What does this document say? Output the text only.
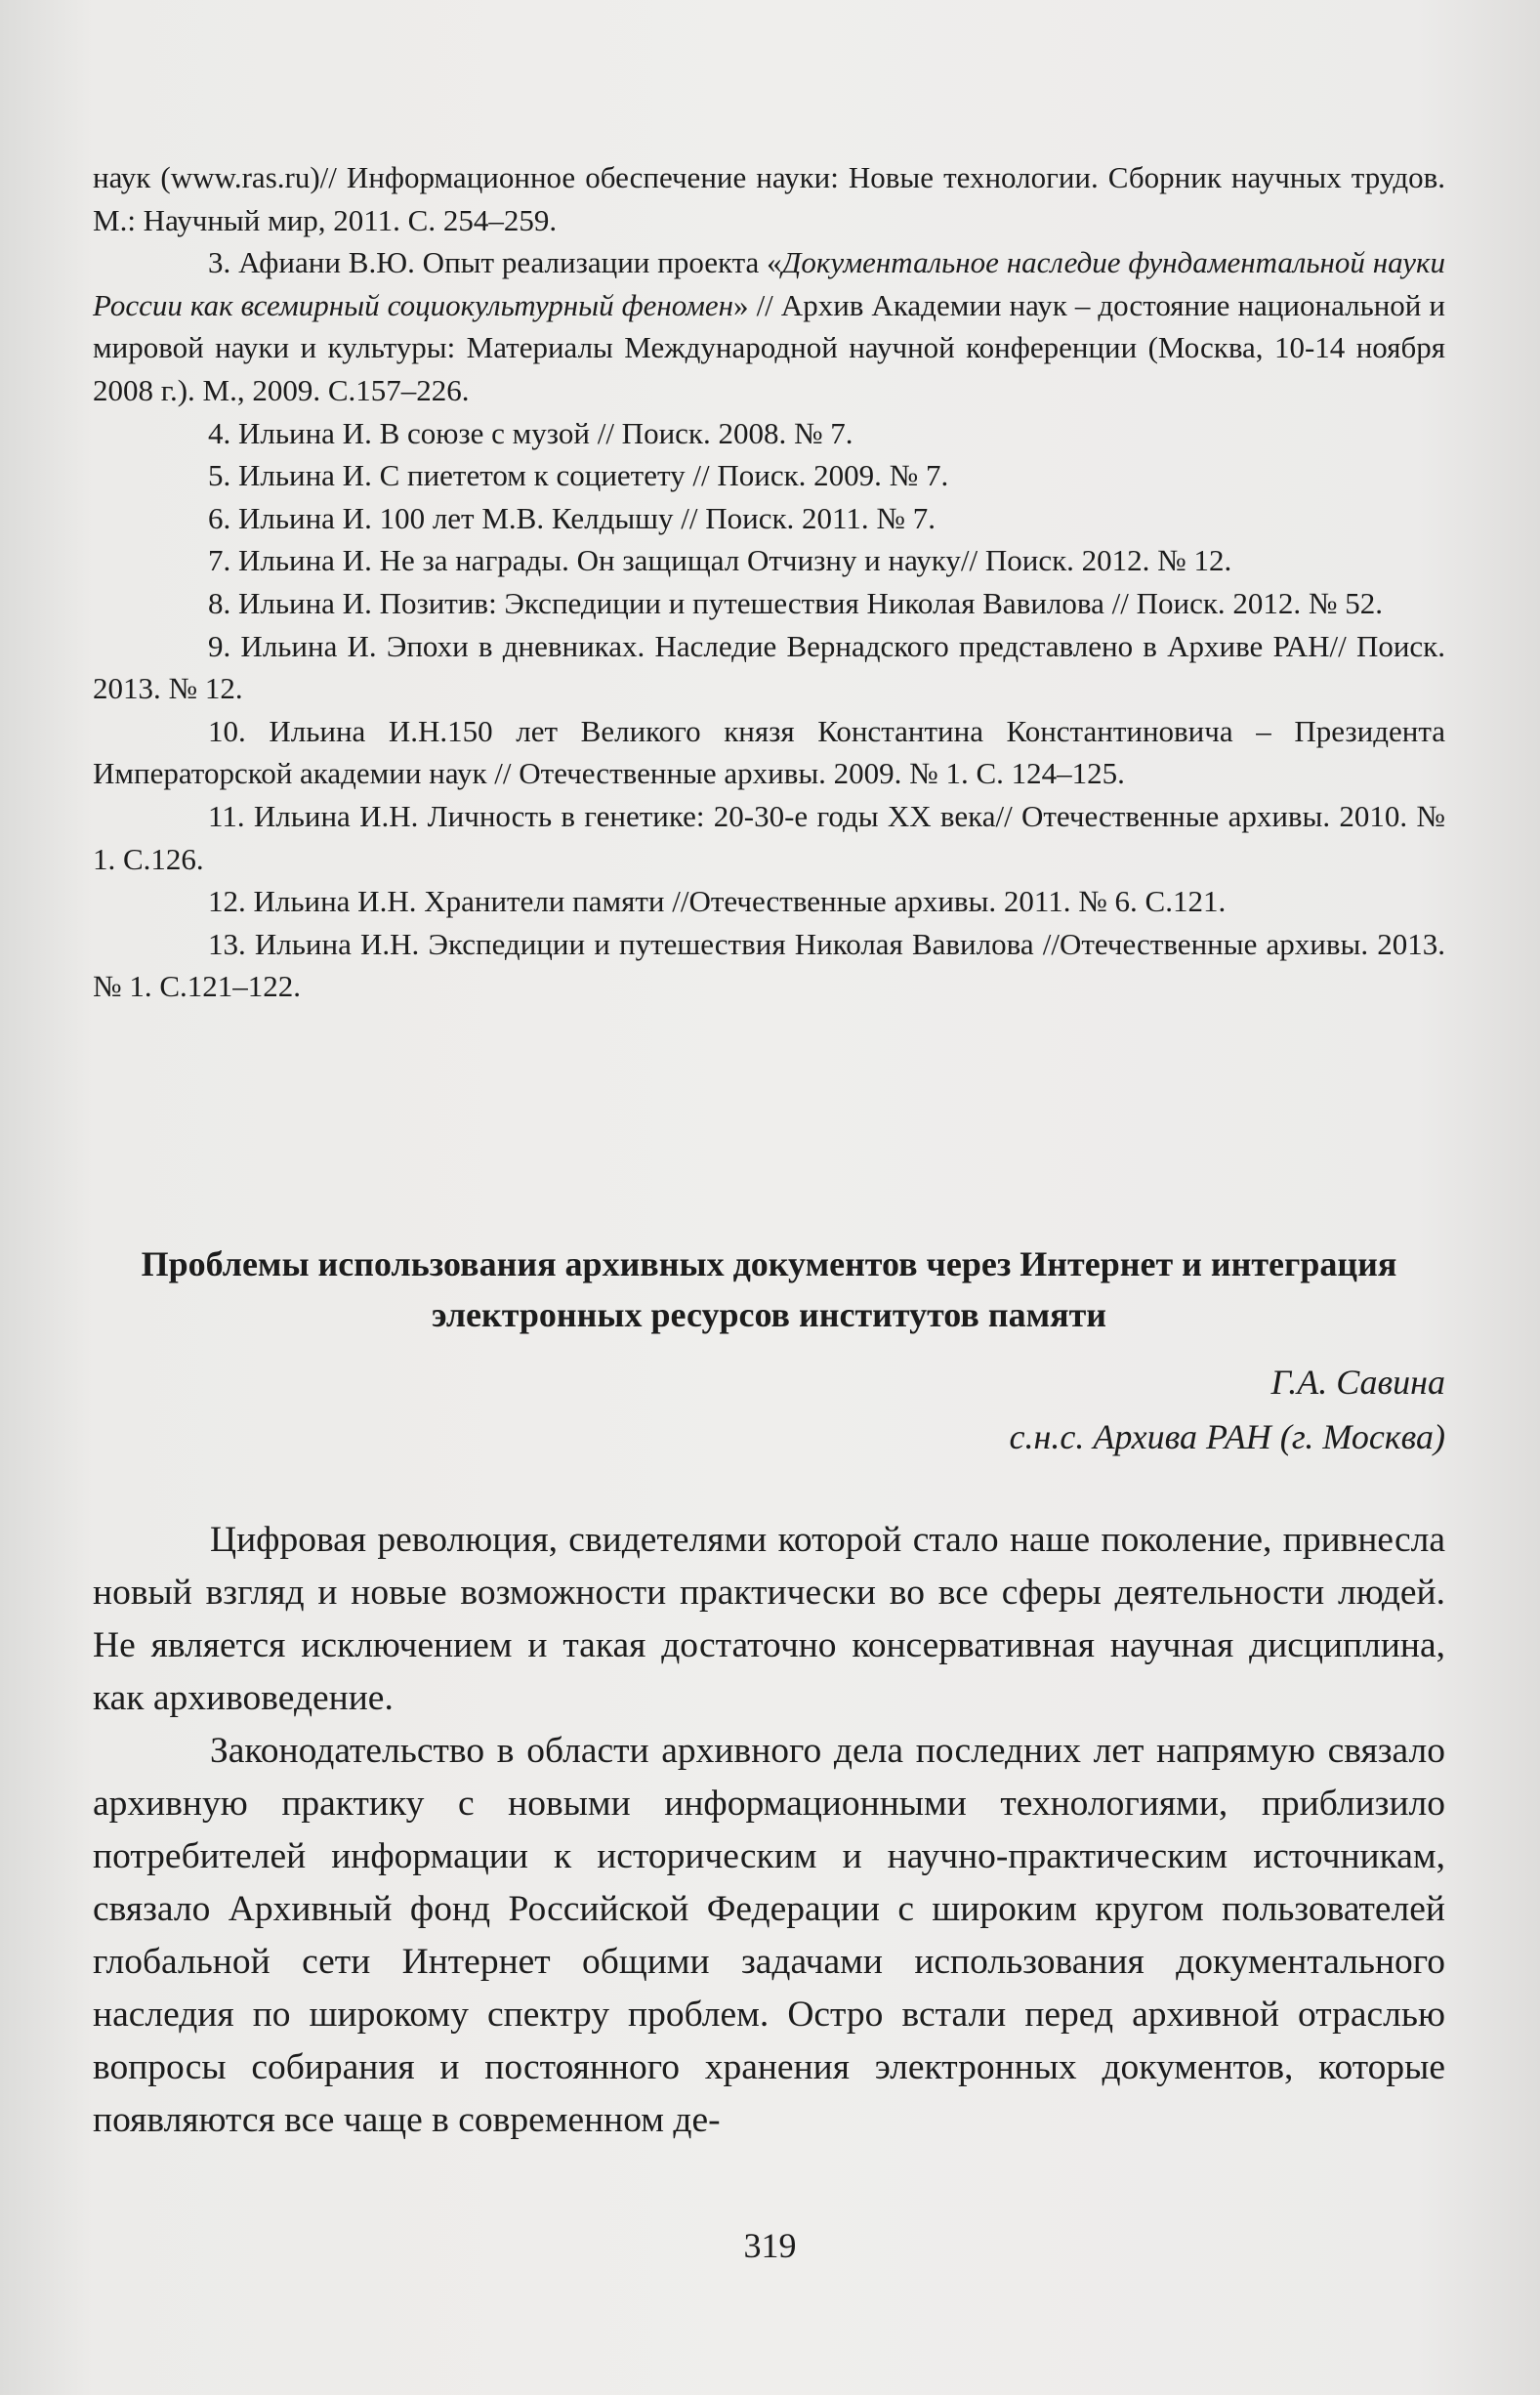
наук (www.ras.ru)// Информационное обеспечение науки: Новые технологии. Сборник научных трудов. М.: Научный мир, 2011. С. 254–259.

3. Афиани В.Ю. Опыт реализации проекта «Документальное наследие фундаментальной науки России как всемирный социокультурный феномен» // Архив Академии наук – достояние национальной и мировой науки и культуры: Материалы Международной научной конференции (Москва, 10-14 ноября 2008 г.). М., 2009. С.157–226.

4. Ильина И. В союзе с музой // Поиск. 2008. № 7.

5. Ильина И. С пиететом к социетету // Поиск. 2009. № 7.

6. Ильина И. 100 лет М.В. Келдышу // Поиск. 2011. № 7.

7. Ильина И. Не за награды. Он защищал Отчизну и науку// Поиск. 2012. № 12.

8. Ильина И. Позитив: Экспедиции и путешествия Николая Вавилова // Поиск. 2012. № 52.

9. Ильина И. Эпохи в дневниках. Наследие Вернадского представлено в Архиве РАН// Поиск. 2013. № 12.

10. Ильина И.Н.150 лет Великого князя Константина Константиновича – Президента Императорской академии наук // Отечественные архивы. 2009. № 1. С. 124–125.

11. Ильина И.Н. Личность в генетике: 20-30-е годы XX века// Отечественные архивы. 2010. № 1. С.126.

12. Ильина И.Н. Хранители памяти //Отечественные архивы. 2011. № 6. С.121.

13. Ильина И.Н. Экспедиции и путешествия Николая Вавилова //Отечественные архивы. 2013. № 1. С.121–122.

Проблемы использования архивных документов через Интернет и интеграция электронных ресурсов институтов памяти

Г.А. Савина

с.н.с. Архива РАН (г. Москва)

Цифровая революция, свидетелями которой стало наше поколение, привнесла новый взгляд и новые возможности практически во все сферы деятельности людей. Не является исключением и такая достаточно консервативная научная дисциплина, как архивоведение.

Законодательство в области архивного дела последних лет напрямую связало архивную практику с новыми информационными технологиями, приблизило потребителей информации к историческим и научно-практическим источникам, связало Архивный фонд Российской Федерации с широким кругом пользователей глобальной сети Интернет общими задачами использования документального наследия по широкому спектру проблем. Остро встали перед архивной отраслью вопросы собирания и постоянного хранения электронных документов, которые появляются все чаще в современном де-

319
